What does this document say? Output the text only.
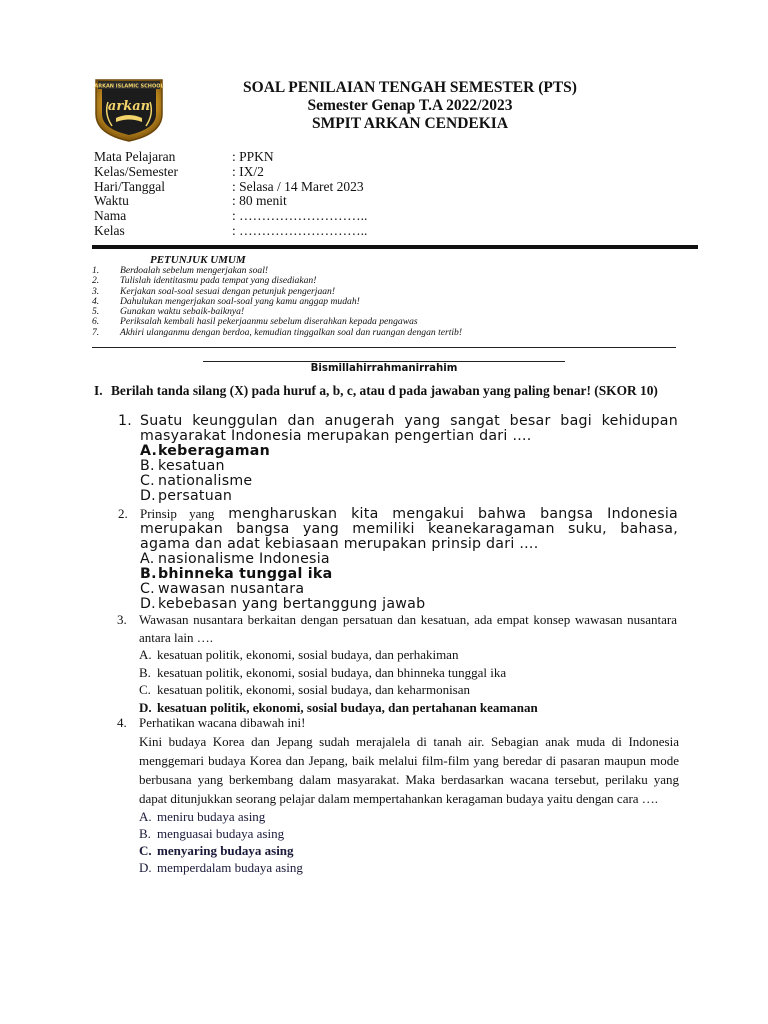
ARKAN ISLAMIC SCHOOL
arkan
SOAL PENILAIAN TENGAH SEMESTER (PTS)
Semester Genap T.A 2022/2023
SMPIT ARKAN CENDEKIA
Mata Pelajaran	: PPKN
Kelas/Semester	: IX/2
Hari/Tanggal	: Selasa / 14 Maret 2023
Waktu	: 80 menit
Nama	: ………………………..
Kelas	: ………………………..
PETUNJUK UMUM
1.	Berdoalah sebelum mengerjakan soal!
2.	Tulislah identitasmu pada tempat yang disediakan!
3.	Kerjakan soal-soal sesuai dengan petunjuk pengerjaan!
4.	Dahulukan mengerjakan soal-soal yang kamu anggap mudah!
5.	Gunakan waktu sebaik-baiknya!
6.	Periksalah kembali hasil pekerjaanmu sebelum diserahkan kepada pengawas
7.	Akhiri ulanganmu dengan berdoa, kemudian tinggalkan soal dan ruangan dengan tertib!
Bismillahirrahmanirrahim
I. Berilah tanda silang (X) pada huruf a, b, c, atau d pada jawaban yang paling benar! (SKOR 10)
1. Suatu keunggulan dan anugerah yang sangat besar bagi kehidupan masyarakat Indonesia merupakan pengertian dari ….
A. keberagaman
B. kesatuan
C. nationalisme
D. persatuan
2. Prinsip yang mengharuskan kita mengakui bahwa bangsa Indonesia merupakan bangsa yang memiliki keanekaragaman suku, bahasa, agama dan adat kebiasaan merupakan prinsip dari ….
A. nasionalisme Indonesia
B. bhinneka tunggal ika
C. wawasan nusantara
D. kebebasan yang bertanggung jawab
3. Wawasan nusantara berkaitan dengan persatuan dan kesatuan, ada empat konsep wawasan nusantara antara lain ….
A. kesatuan politik, ekonomi, sosial budaya, dan perhakiman
B. kesatuan politik, ekonomi, sosial budaya, dan bhinneka tunggal ika
C. kesatuan politik, ekonomi, sosial budaya, dan keharmonisan
D. kesatuan politik, ekonomi, sosial budaya, dan pertahanan keamanan
4. Perhatikan wacana dibawah ini!
Kini budaya Korea dan Jepang sudah merajalela di tanah air. Sebagian anak muda di Indonesia menggemari budaya Korea dan Jepang, baik melalui film-film yang beredar di pasaran maupun mode berbusana yang berkembang dalam masyarakat. Maka berdasarkan wacana tersebut, perilaku yang dapat ditunjukkan seorang pelajar dalam mempertahankan keragaman budaya yaitu dengan cara ….
A. meniru budaya asing
B. menguasai budaya asing
C. menyaring budaya asing
D. memperdalam budaya asing
